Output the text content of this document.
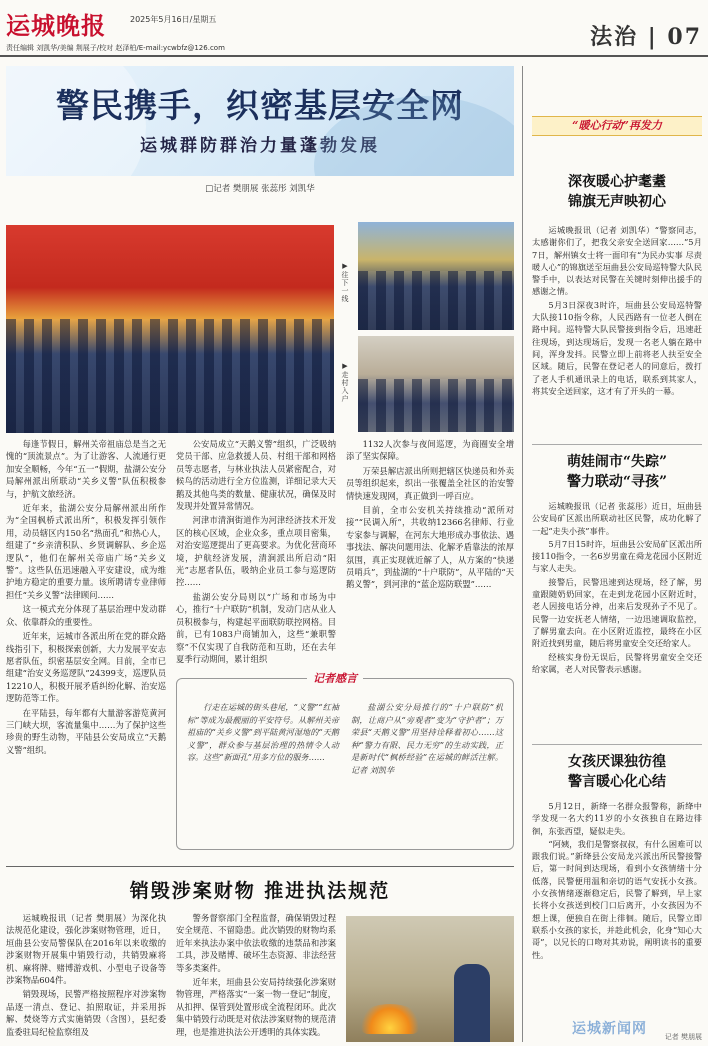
运城晚报	2025年5月16日/星期五
责任编辑 刘凯华/美编 荆展子/校对 赵泽柏/E-mail:ycwbfz@126.com	法治 | 07
警民携手，织密基层安全网
运城群防群治力量蓬勃发展
□记者 樊朋展 张蕊彤 刘凯华
▶往下一线
▶走村入户

每逢节假日，解州关帝祖庙总是当之无愧的“顶流景点”。为了让游客、人流通行更加安全顺畅，今年“五一”假期，盐湖公安分局解州派出所联动“关乡义警”队伍积极参与，护航文旅经济。

近年来，盐湖公安分局解州派出所作为“全国枫桥式派出所”，积极发挥引领作用，动员辖区内150名“热面孔”和热心人，组建了“乡亲清积队、乡贤调解队、乡企巡逻队”，他们在解州关帝庙广场“关乡义警”。这些队伍迅速融入平安建设，成为维护地方稳定的重要力量。该所聘请专业律师担任“关乡义警”法律顾问……

这一模式充分体现了基层治理中发动群众、依靠群众的重要性。

近年来，运城市各派出所在党的群众路线指引下，积极探索创新，大力发展平安志愿者队伍，织密基层安全网。目前，全市已组建“治安义务巡逻队”24399支，巡逻队员12210人，积极开展矛盾纠纷化解、治安巡逻防范等工作。

在平陆县，每年都有大量游客游览黄河三门峡大坝，客流量集中……为了保护这些珍贵的野生动物，平陆县公安局成立“天鹅义警”组织。

公安局成立“天鹅义警”组织，广泛吸纳党员干部、应急救援人员、村组干部和网格员等志愿者，与林业执法人员紧密配合，对候鸟的活动进行全方位监测，详细记录大天鹅及其他鸟类的数量、健康状况，确保及时发现并处置异常情况。

河津市清涧街道作为河津经济技术开发区的核心区域，企业众多，重点项目密集，对治安巡逻提出了更高要求。为优化营商环境，护航经济发展，清涧派出所启动“阳光”志愿者队伍，吸纳企业员工参与巡逻防控……

盐湖公安分局则以“广场和市场为中心，推行“十户联防”机制，发动门店从业人员积极参与，构建起平面联防联控网格。目前，已有1083户商铺加入，这些“兼职警察”不仅实现了自我防范和互助，还在去年夏季行动期间，累计组织

1132人次参与夜间巡逻，为商圈安全增添了坚实保障。

万荣县解店派出所则把辖区快递员和外卖员等组织起来，织出一张覆盖全社区的治安警情快速发现网，真正做到一呼百应。

目前，全市公安机关持续推动“派所对接”“民调入所”，共收纳12366名律师、行业专家参与调解，在河东大地形成办事依法、遇事找法、解决问题用法、化解矛盾靠法的浓厚氛围，真正实现就近解了人，从方案的“快递员哨兵”，到盐湖的“十户联防”，从平陆的“天鹅义警”，到河津的“蓝企巡防联盟”……

记者感言

行走在运城的街头巷尾，“义警”“红袖标”等成为最靓丽的平安符号。从解州关帝祖庙的“关乡义警”到平陆黄河湿地的“天鹅义警”，群众参与基层治理的热情令人动容。这些“新面孔”用多方位的服务……

盐湖公安分局推行的“十户联防”机制，让商户从“旁观者”变为“守护者”；万荣县“天鹅义警”用坚持诠释着初心……这种“警力有限、民力无穷”的生动实践，正是新时代“枫桥经验”在运城的鲜活注解。记者 刘凯华

销毁涉案财物 推进执法规范

运城晚报讯（记者 樊朋展）为深化执法规范化建设，强化涉案财物管理，近日，垣曲县公安局警保队在2016年以来收缴的涉案财物开展集中销毁行动，共销毁麻将机、麻将牌、赌博游戏机、小型电子设备等涉案物品604件。

销毁现场，民警严格按照程序对涉案物品逐一清点、登记、拍照取证，并采用拆解、焚烧等方式实施销毁（含图），县纪委监委驻局纪检监察组及

警务督察部门全程监督，确保销毁过程安全规范、不留隐患。此次销毁的财物均系近年来执法办案中依法收缴的违禁品和涉案工具，涉及赌博、破坏生态资源、非法经营等多类案件。

近年来，垣曲县公安局持续强化涉案财物管理，严格落实“一案一物一登记”制度，从扣押、保管到处置形成全流程闭环。此次集中销毁行动既是对依法涉案财物的规范清理，也是推进执法公开透明的具体实践。

“暖心行动”再发力
深夜暖心护耄耋
锦旗无声映初心

运城晚报讯（记者 刘凯华）“警察同志，太感谢你们了，把我父亲安全送回家……”5月7日，解州镇女士将一面印有“为民办实事 尽责暖人心”的锦旗送至垣曲县公安局巡特警大队民警手中，以表达对民警在关键时刻伸出援手的感谢之情。

5月3日深夜3时许，垣曲县公安局巡特警大队接110指令称，人民西路有一位老人倒在路中间。巡特警大队民警接到指令后，迅速赶往现场，到达现场后，发现一名老人躺在路中间，浑身发抖。民警立即上前将老人扶至安全区域。随后，民警在登记老人的同意后，拨打了老人手机通讯录上的电话，联系到其家人，将其安全送回家，这才有了开头的一幕。

萌娃闹市“失踪”
警力联动“寻孩”

运城晚报讯（记者 张蕊彤）近日，垣曲县公安局矿区派出所联动社区民警，成功化解了一起“走失小孩”事件。

5月7日15时许，垣曲县公安局矿区派出所接110指令，一名6岁男童在舜龙花园小区附近与家人走失。

接警后，民警迅速到达现场，经了解，男童跟随奶奶回家，在走到龙花园小区附近时，老人因接电话分神，出来后发现孙子不见了。民警一边安抚老人情绪，一边迅速调取监控，了解男童去向。在小区附近监控，最终在小区附近找到男童，随后将男童安全交还给家人。

经核实身份无误后，民警将男童安全交还给家属，老人对民警表示感谢。

女孩厌课独彷徨
警言暖心化心结

5月12日，新绛一名群众报警称，新绛中学发现一名大约11岁的小女孩独自在路边徘徊，东张西望，疑似走失。

“阿姨，我们是警察叔叔，有什么困难可以跟我们说。”新绛县公安局龙兴派出所民警接警后，第一时间到达现场，看到小女孩情绪十分低落，民警便用温和亲切的语气安抚小女孩。小女孩情绪逐渐稳定后，民警了解到，早上家长将小女孩送到校门口后离开，小女孩因为不想上课，便独自在街上徘徊。随后，民警立即联系小女孩的家长，并趁此机会，化身“知心大哥”，以兄长的口吻对其劝说，阐明读书的重要性。

运城新闻网	记者 樊朋展
